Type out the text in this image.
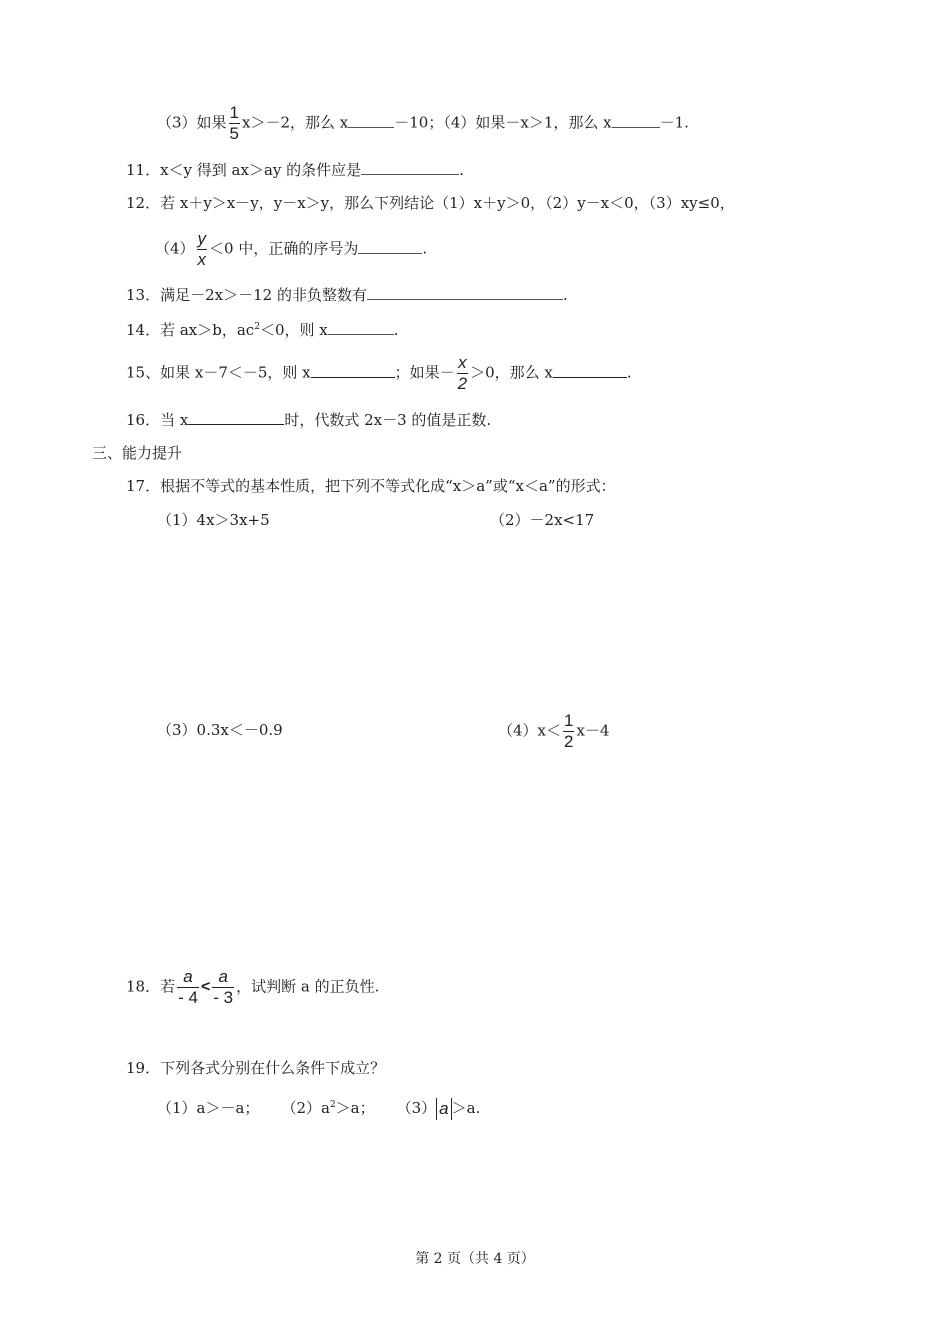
（3）如果 $\frac{1}{5} x>-2$，那么 x	－10；（4）如果－x＞1，那么 x	－1.
11．x＜y 得到 ax＞ay 的条件应是	.
12．若 x＋y＞x－y，y－x＞y，那么下列结论（1）x＋y＞0，（2）y－x＜0，（3）xy≤0，
$(4) \frac{y}{x} <0$ 中，正确的序号为	.
13．满足－2x＞－12 的非负整数有	.
14．若 ax＞b，$ac^2<0$，则 x	.
15、如果 x－7＜－5，则 x	；如果－ $\frac{x}{2} >0$，那么 x	.
16．当 x	时，代数式 2x－3 的值是正数.
三、能力提升
17．根据不等式的基本性质，把下列不等式化成“x＞a”或“x＜a”的形式：
（1）4x＞3x+5	（2）－2x<17
（3）0.3x＜－0.9	$(4)x< \frac{1}{2} x-4$
18．若 $\frac{a}{- 4} < \frac{a}{- 3}$ ，试判断 a 的正负性.
19．下列各式分别在什么条件下成立？
（1）a＞－a； $(2)a^2>a$； （3） a ＞a.
第 2 页（共 4 页）
